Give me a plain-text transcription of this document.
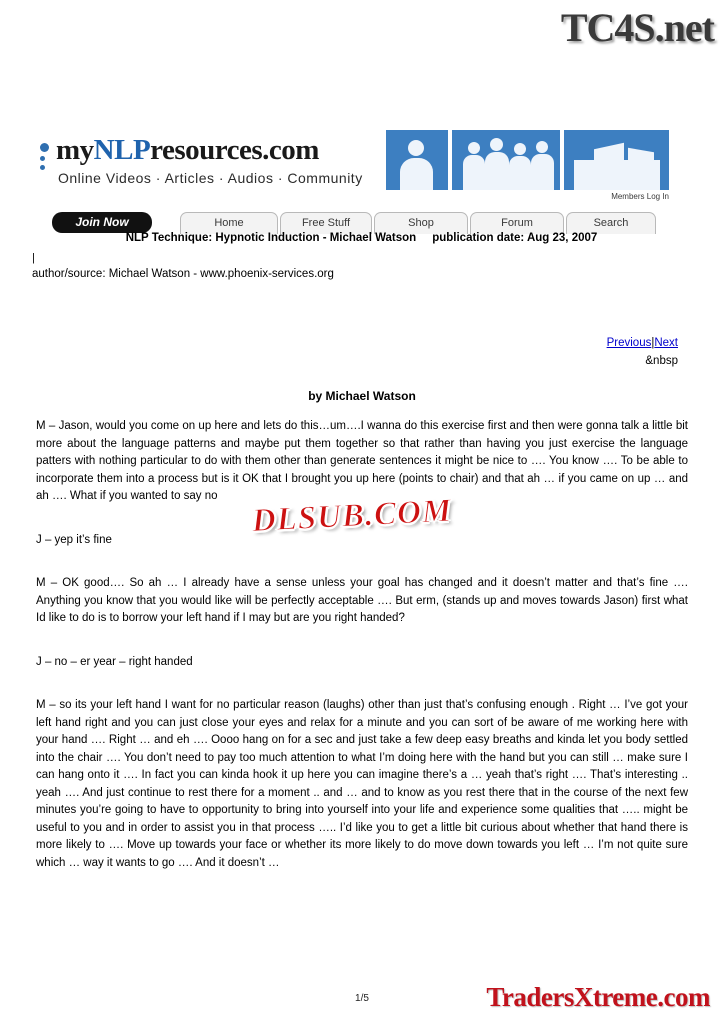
TC4S.net
myNLPresources.com
Online Videos · Articles · Audios · Community
Members Log In
Join Now	Home	Free Stuff	Shop	Forum	Search
NLP Technique: Hypnotic Induction - Michael Watson publication date: Aug 23, 2007
|
author/source: Michael Watson - www.phoenix-services.org
Previous|Next
&nbsp
by Michael Watson

M – Jason, would you come on up here and lets do this…um….I wanna do this exercise first and then were gonna talk a little bit more about the language patterns and maybe put them together so that rather than having you just exercise the language patters with nothing particular to do with them other than generate sentences it might be nice to …. You know …. To be able to incorporate them into a process but is it OK that I brought you up here (points to chair) and that ah … if you came on up … and ah …. What if you wanted to say no

J – yep it’s fine

M – OK good…. So ah … I already have a sense unless your goal has changed and it doesn’t matter and that’s fine …. Anything you know that you would like will be perfectly acceptable …. But erm, (stands up and moves towards Jason) first what Id like to do is to borrow your left hand if I may but are you right handed?

J – no – er year – right handed

M – so its your left hand I want for no particular reason (laughs) other than just that’s confusing enough . Right … I’ve got your left hand right and you can just close your eyes and relax for a minute and you can sort of be aware of me working here with your hand …. Right … and eh …. Oooo hang on for a sec and just take a few deep easy breaths and kinda let you body settled into the chair …. You don’t need to pay too much attention to what I’m doing here with the hand but you can still … make sure I can hang onto it …. In fact you can kinda hook it up here you can imagine there’s a … yeah that’s right …. That’s interesting .. yeah …. And just continue to rest there for a moment .. and … and to know as you rest there that in the course of the next few minutes you’re going to have to opportunity to bring into yourself into your life and experience some qualities that ….. might be useful to you and in order to assist you in that process ….. I’d like you to get a little bit curious about whether that hand there is more likely to …. Move up towards your face or whether its more likely to do move down towards you left … I’m not quite sure which … way it wants to go …. And it doesn’t …

DLSUB.COM
1/5	TradersXtreme.com
